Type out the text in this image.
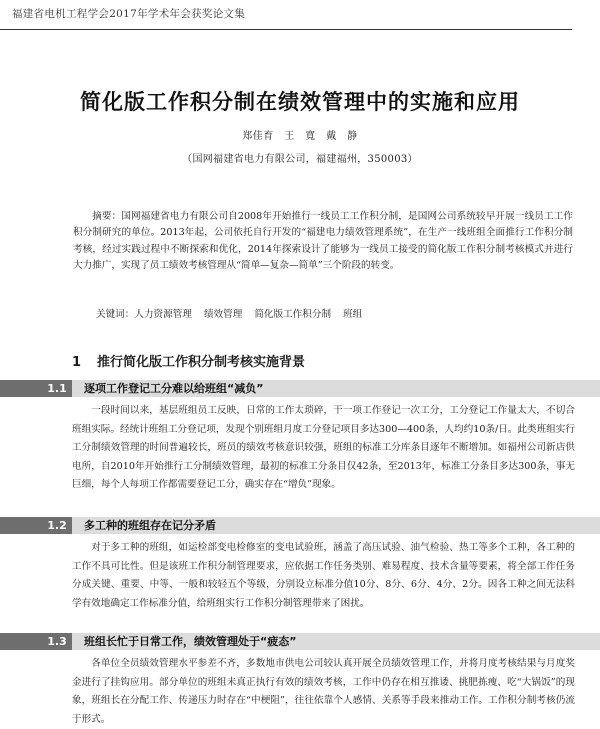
福建省电机工程学会2017年学术年会获奖论文集
简化版工作积分制在绩效管理中的实施和应用
郑佳育　王　寬　戴　静
（国网福建省电力有限公司，福建福州，350003）
摘要：国网福建省电力有限公司自2008年开始推行一线员工工作积分制，是国网公司系统较早开展一线员工工作积分制研究的单位。2013年起，公司依托自行开发的“福建电力绩效管理系统”，在生产一线班组全面推行工作积分制考核，经过实践过程中不断探索和优化，2014年探索设计了能够为一线员工接受的简化版工作积分制考核模式并进行大力推广，实现了员工绩效考核管理从“简单—复杂—简单”三个阶段的转变。
关键词：人力资源管理 绩效管理 简化版工作积分制 班组
1 推行简化版工作积分制考核实施背景
1.1	逐项工作登记工分难以给班组“减负”
一段时间以来，基层班组员工反映，日常的工作太琐碎，干一项工作登记一次工分，工分登记工作量太大，不切合班组实际。经统计班组工分登记项，发现个别班组月度工分登记项目多达300—400条，人均约10条/日。此类班组实行工分制绩效管理的时间普遍较长，班员的绩效考核意识较强，班组的标准工分库条目逐年不断增加。如福州公司新店供电所，自2010年开始推行工分制绩效管理，最初的标准工分条目仅42条，至2013年，标准工分条目多达300条，事无巨细，每个人每项工作都需要登记工分，确实存在“增负”现象。
1.2	多工种的班组存在记分矛盾
对于多工种的班组，如运检部变电检修室的变电试验班，涵盖了高压试验、油气检验、热工等多个工种，各工种的工作不具可比性。但是该班工作积分制管理要求，应依据工作任务类别、难易程度、技术含量等要素，将全部工作任务分成关键、重要、中等、一般和较轻五个等级，分别设立标准分值10分、8分、6分、4分、2分。因各工种之间无法科学有效地确定工作标准分值，给班组实行工作积分制管理带来了困扰。
1.3	班组长忙于日常工作，绩效管理处于“疲态”
各单位全员绩效管理水平参差不齐，多数地市供电公司较认真开展全员绩效管理工作，并将月度考核结果与月度奖金进行了挂钩应用。部分单位的班组未真正执行有效的绩效考核，工作中仍存在相互推诿、挑肥拣瘦、吃“大锅饭”的现象，班组长在分配工作、传递压力时存在“中梗阻”，往往依靠个人感情、关系等手段来推动工作。工作积分制考核仍流于形式。
